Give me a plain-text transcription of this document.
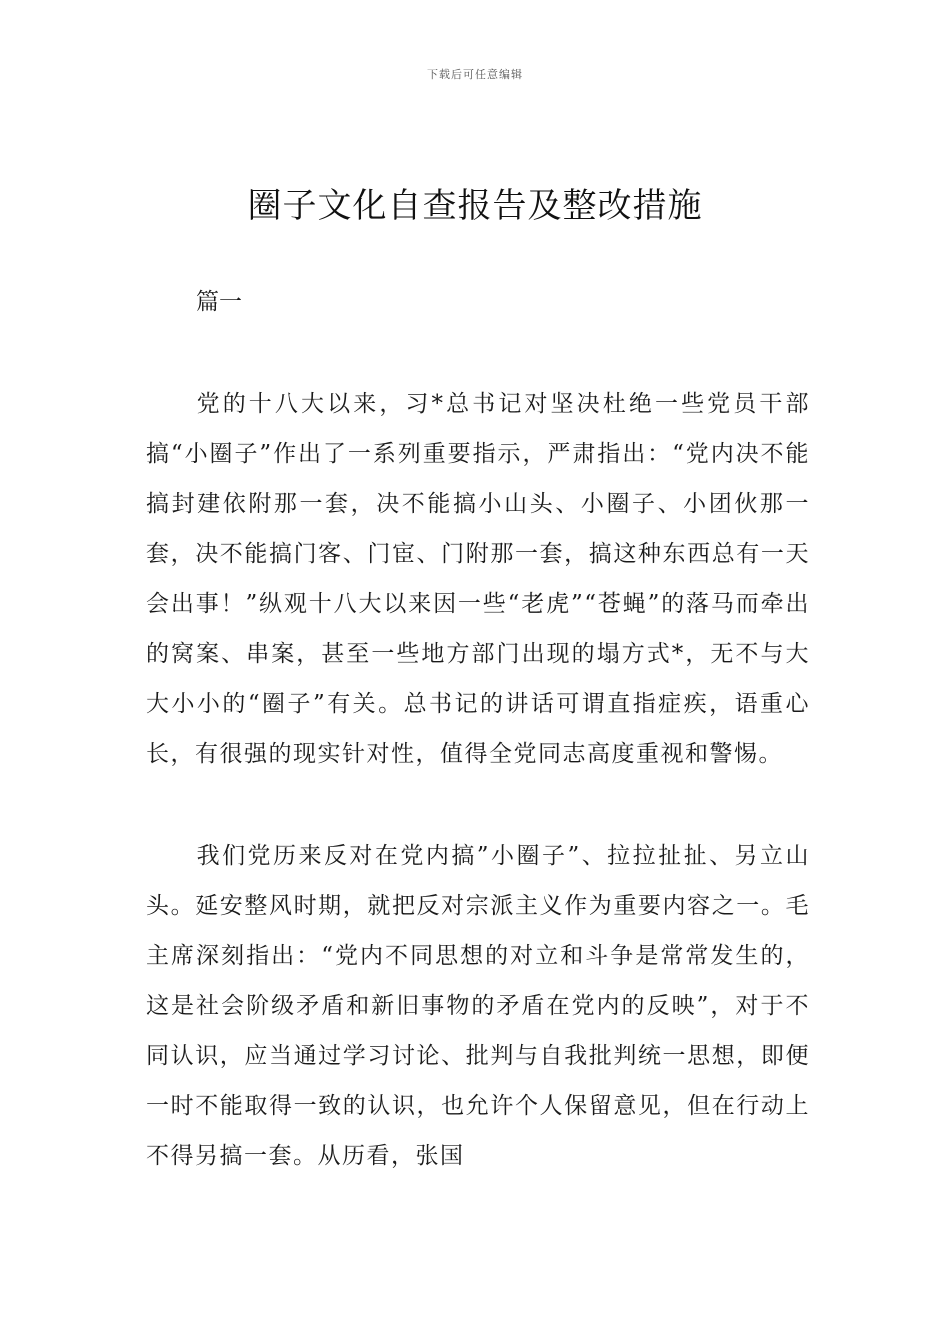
下载后可任意编辑
圈子文化自查报告及整改措施
篇一

党的十八大以来，习*总书记对坚决杜绝一些党员干部搞“小圈子”作出了一系列重要指示，严肃指出：“党内决不能搞封建依附那一套，决不能搞小山头、小圈子、小团伙那一套，决不能搞门客、门宦、门附那一套，搞这种东西总有一天会出事！”纵观十八大以来因一些“老虎”“苍蝇”的落马而牵出的窝案、串案，甚至一些地方部门出现的塌方式*，无不与大大小小的“圈子”有关。总书记的讲话可谓直指症疾，语重心长，有很强的现实针对性，值得全党同志高度重视和警惕。

我们党历来反对在党内搞”小圈子”、拉拉扯扯、另立山头。延安整风时期，就把反对宗派主义作为重要内容之一。毛主席深刻指出：“党内不同思想的对立和斗争是常常发生的，这是社会阶级矛盾和新旧事物的矛盾在党内的反映”，对于不同认识，应当通过学习讨论、批判与自我批判统一思想，即便一时不能取得一致的认识，也允许个人保留意见，但在行动上不得另搞一套。从历看，张国
